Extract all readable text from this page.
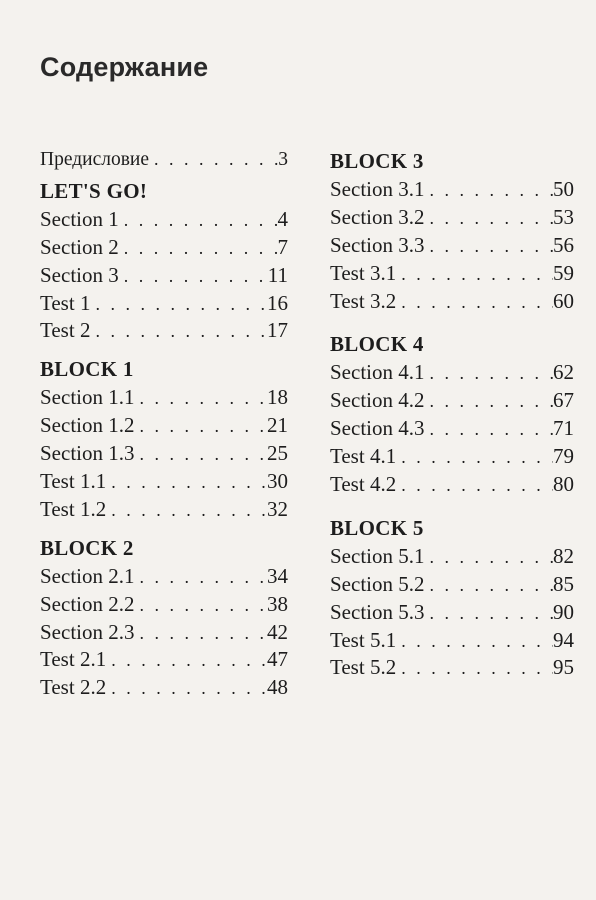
Содержание
Предисловие . . .	3
LET'S GO!
Section 1 . . .	4
Section 2 . . .	7
Section 3 . . .	11
Test 1 . . .	16
Test 2 . . .	17
BLOCK 1
Section 1.1 . . .	18
Section 1.2 . . .	21
Section 1.3 . . .	25
Test 1.1 . . .	30
Test 1.2 . . .	32
BLOCK 2
Section 2.1 . . .	34
Section 2.2 . . .	38
Section 2.3 . . .	42
Test 2.1 . . .	47
Test 2.2 . . .	48
BLOCK 3
Section 3.1 . . .	50
Section 3.2 . . .	53
Section 3.3 . . .	56
Test 3.1 . . .	59
Test 3.2 . . .	60
BLOCK 4
Section 4.1 . . .	62
Section 4.2 . . .	67
Section 4.3 . . .	71
Test 4.1 . . .	79
Test 4.2 . . .	80
BLOCK 5
Section 5.1 . . .	82
Section 5.2 . . .	85
Section 5.3 . . .	90
Test 5.1 . . .	94
Test 5.2 . . .	95
